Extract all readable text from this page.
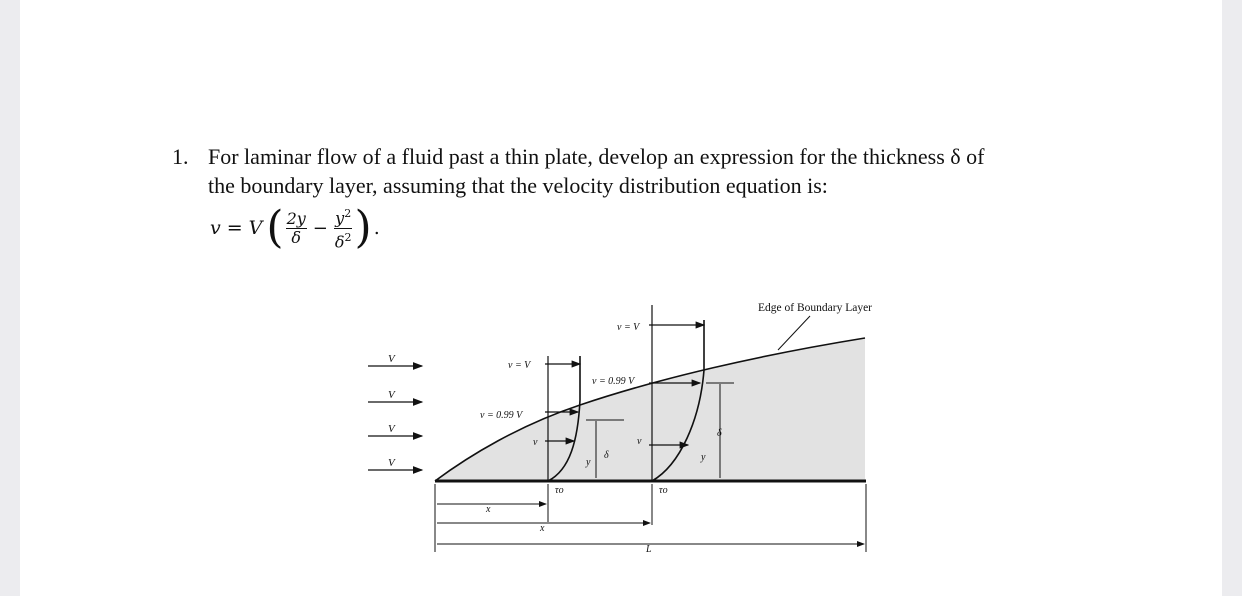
1. For laminar flow of a fluid past a thin plate, develop an expression for the thickness δ of
the boundary layer, assuming that the velocity distribution equation is:
v = V ( $\frac{2y}{\delta} - \frac{y^2}{\delta^2}$ ) .
V
V
V
V
Edge of Boundary Layer
v = V
v = 0.99 V
v
y
δ
τo
v = V
v = 0.99 V
v
y
δ
τo
x
x
L
